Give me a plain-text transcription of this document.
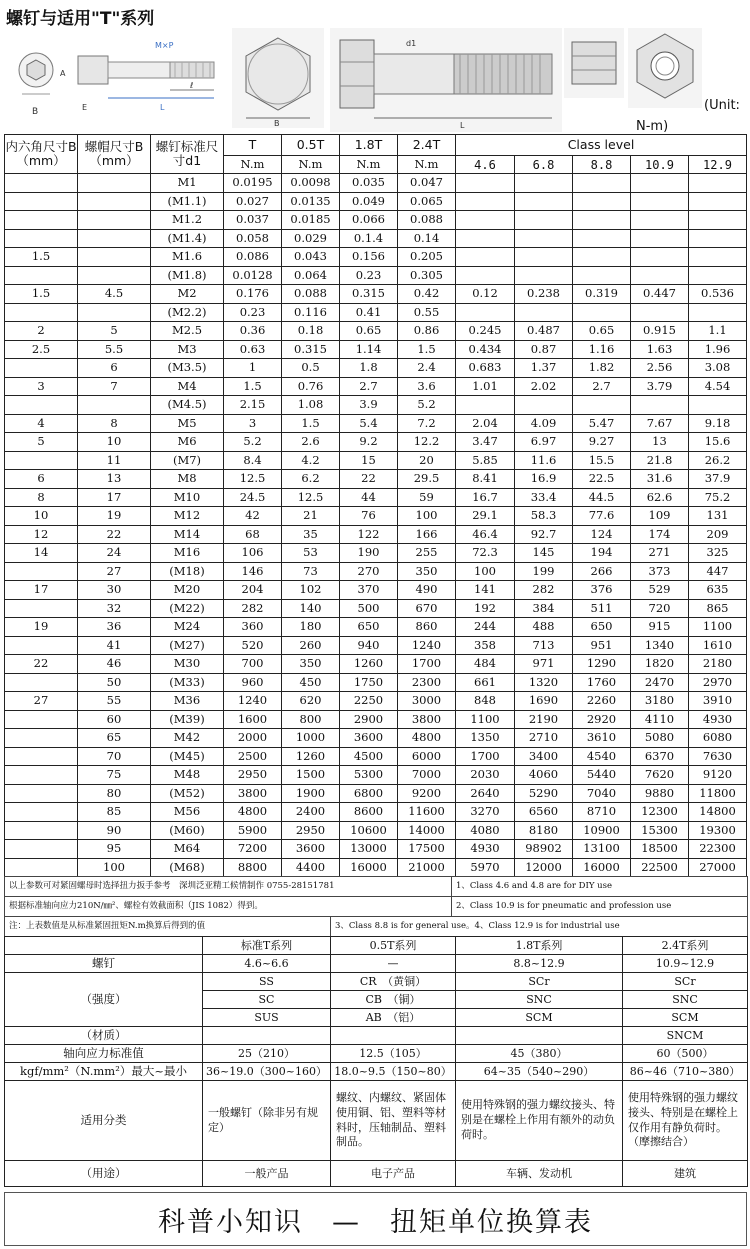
螺钉与适用"T"系列
B
A
M×P
L
E
ℓ
B
d1
L
(Unit:
N-m)
内六角尺寸B（mm）	螺帽尺寸B（mm）	螺钉标准尺寸d1	T	0.5T	1.8T	2.4T	Class level				
			N.m	N.m	N.m	N.m	4.6	6.8	8.8	10.9	12.9
		M1	0.0195	0.0098	0.035	0.047					
		(M1.1)	0.027	0.0135	0.049	0.065					
		M1.2	0.037	0.0185	0.066	0.088					
		(M1.4)	0.058	0.029	0.1.4	0.14					
1.5		M1.6	0.086	0.043	0.156	0.205					
		(M1.8)	0.0128	0.064	0.23	0.305					
1.5	4.5	M2	0.176	0.088	0.315	0.42	0.12	0.238	0.319	0.447	0.536
		(M2.2)	0.23	0.116	0.41	0.55					
2	5	M2.5	0.36	0.18	0.65	0.86	0.245	0.487	0.65	0.915	1.1
2.5	5.5	M3	0.63	0.315	1.14	1.5	0.434	0.87	1.16	1.63	1.96
	6	(M3.5)	1	0.5	1.8	2.4	0.683	1.37	1.82	2.56	3.08
3	7	M4	1.5	0.76	2.7	3.6	1.01	2.02	2.7	3.79	4.54
		(M4.5)	2.15	1.08	3.9	5.2					
4	8	M5	3	1.5	5.4	7.2	2.04	4.09	5.47	7.67	9.18
5	10	M6	5.2	2.6	9.2	12.2	3.47	6.97	9.27	13	15.6
	11	(M7)	8.4	4.2	15	20	5.85	11.6	15.5	21.8	26.2
6	13	M8	12.5	6.2	22	29.5	8.41	16.9	22.5	31.6	37.9
8	17	M10	24.5	12.5	44	59	16.7	33.4	44.5	62.6	75.2
10	19	M12	42	21	76	100	29.1	58.3	77.6	109	131
12	22	M14	68	35	122	166	46.4	92.7	124	174	209
14	24	M16	106	53	190	255	72.3	145	194	271	325
	27	(M18)	146	73	270	350	100	199	266	373	447
17	30	M20	204	102	370	490	141	282	376	529	635
	32	(M22)	282	140	500	670	192	384	511	720	865
19	36	M24	360	180	650	860	244	488	650	915	1100
	41	(M27)	520	260	940	1240	358	713	951	1340	1610
22	46	M30	700	350	1260	1700	484	971	1290	1820	2180
	50	(M33)	960	450	1750	2300	661	1320	1760	2470	2970
27	55	M36	1240	620	2250	3000	848	1690	2260	3180	3910
	60	(M39)	1600	800	2900	3800	1100	2190	2920	4110	4930
	65	M42	2000	1000	3600	4800	1350	2710	3610	5080	6080
	70	(M45)	2500	1260	4500	6000	1700	3400	4540	6370	7630
	75	M48	2950	1500	5300	7000	2030	4060	5440	7620	9120
	80	(M52)	3800	1900	6800	9200	2640	5290	7040	9880	11800
	85	M56	4800	2400	8600	11600	3270	6560	8710	12300	14800
	90	(M60)	5900	2950	10600	14000	4080	8180	10900	15300	19300
	95	M64	7200	3600	13000	17500	4930	98902	13100	18500	22300
	100	(M68)	8800	4400	16000	21000	5970	12000	16000	22500	27000
以上参数可对紧固螺母时选择扭力扳手参考　深圳泛亚精工候情制作 0755-28151781	1、Class 4.6 and 4.8 are for DIY use
根据标准轴向应力210N/㎜²、螺栓有效截面积（JIS 1082）得到。	2、Class 10.9 is for pneumatic and profession use
注：上表数值是从标准紧固扭矩N.m换算后得到的值	3、Class 8.8 is for general use。4、Class 12.9 is for industrial use
	标准T系列	0.5T系列	1.8T系列	2.4T系列
螺钉	4.6~6.6	—	8.8~12.9	10.9~12.9
（强度）	SS	CR　（黄铜）	SCr	SCr
	SC	CB　（铜）	SNC	SNC
	SUS	AB　（铝）	SCM	SCM
（材质）				SNCM
轴向应力标准值	25（210）	12.5（105）	45（380）	60（500）
kgf/mm²（N.mm²）最大~最小	36~19.0（300~160）	18.0~9.5（150~80）	64~35（540~290）	86~46（710~380）
适用分类	一般螺钉（除非另有规定）	螺纹、内螺纹、紧固体使用铜、铝、塑料等材料时，压轴制品、塑料制品。	使用特殊钢的强力螺纹接头、特别是在螺栓上作用有额外的动负荷时。	使用特殊钢的强力螺纹接头、特别是在螺栓上仅作用有静负荷时。（摩擦结合）
（用途）	一般产品	电子产品	车辆、发动机	建筑
科普小知识　—　扭矩单位换算表
